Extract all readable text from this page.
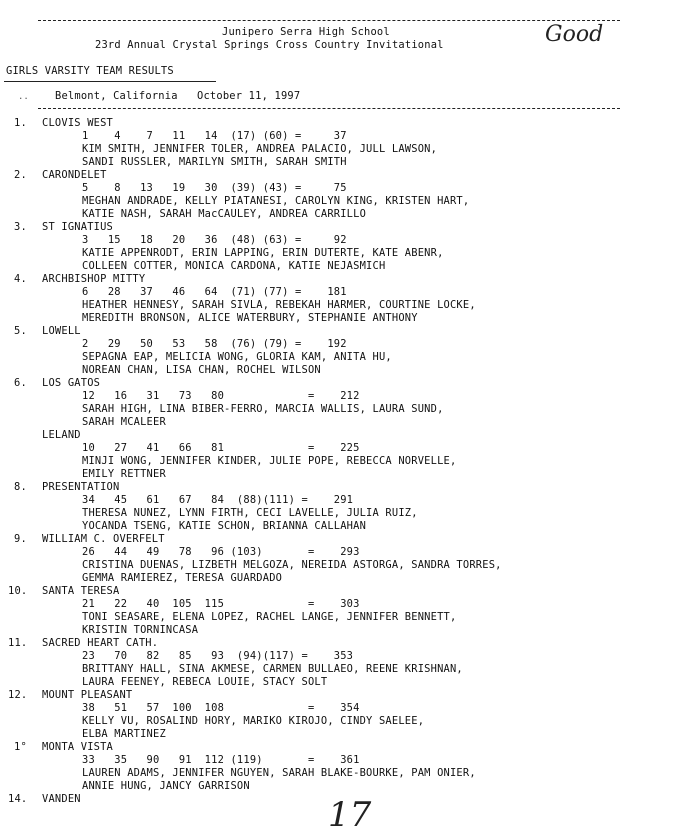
Junipero Serra High School
23rd Annual Crystal Springs Cross Country Invitational	Good
GIRLS VARSITY TEAM RESULTS
..	Belmont, California   October 11, 1997
1. CLOVIS WEST
1    4    7   11   14  (17) (60) =     37
KIM SMITH, JENNIFER TOLER, ANDREA PALACIO, JULL LAWSON,
SANDI RUSSLER, MARILYN SMITH, SARAH SMITH
2. CARONDELET
5    8   13   19   30  (39) (43) =     75
MEGHAN ANDRADE, KELLY PIATANESI, CAROLYN KING, KRISTEN HART,
KATIE NASH, SARAH MacCAULEY, ANDREA CARRILLO
3. ST IGNATIUS
3   15   18   20   36  (48) (63) =     92
KATIE APPENRODT, ERIN LAPPING, ERIN DUTERTE, KATE ABENR,
COLLEEN COTTER, MONICA CARDONA, KATIE NEJASMICH
4. ARCHBISHOP MITTY
6   28   37   46   64  (71) (77) =    181
HEATHER HENNESY, SARAH SIVLA, REBEKAH HARMER, COURTINE LOCKE,
MEREDITH BRONSON, ALICE WATERBURY, STEPHANIE ANTHONY
5. LOWELL
2   29   50   53   58  (76) (79) =    192
SEPAGNA EAP, MELICIA WONG, GLORIA KAM, ANITA HU,
NOREAN CHAN, LISA CHAN, ROCHEL WILSON
6. LOS GATOS
12   16   31   73   80             =    212
SARAH HIGH, LINA BIBER-FERRO, MARCIA WALLIS, LAURA SUND,
SARAH MCALEER
LELAND
10   27   41   66   81             =    225
MINJI WONG, JENNIFER KINDER, JULIE POPE, REBECCA NORVELLE,
EMILY RETTNER
8. PRESENTATION
34   45   61   67   84  (88)(111) =    291
THERESA NUNEZ, LYNN FIRTH, CECI LAVELLE, JULIA RUIZ,
YOCANDA TSENG, KATIE SCHON, BRIANNA CALLAHAN
9. WILLIAM C. OVERFELT
26   44   49   78   96 (103)       =    293
CRISTINA DUENAS, LIZBETH MELGOZA, NEREIDA ASTORGA, SANDRA TORRES,
GEMMA RAMIEREZ, TERESA GUARDADO
10. SANTA TERESA
21   22   40  105  115             =    303
TONI SEASARE, ELENA LOPEZ, RACHEL LANGE, JENNIFER BENNETT,
KRISTIN TORNINCASA
11. SACRED HEART CATH.
23   70   82   85   93  (94)(117) =    353
BRITTANY HALL, SINA AKMESE, CARMEN BULLAEO, REENE KRISHNAN,
LAURA FEENEY, REBECA LOUIE, STACY SOLT
12. MOUNT PLEASANT
38   51   57  100  108             =    354
KELLY VU, ROSALIND HORY, MARIKO KIROJO, CINDY SAELEE,
ELBA MARTINEZ
1° MONTA VISTA
33   35   90   91  112 (119)       =    361
LAUREN ADAMS, JENNIFER NGUYEN, SARAH BLAKE-BOURKE, PAM ONIER,
ANNIE HUNG, JANCY GARRISON
14. VANDEN	17
